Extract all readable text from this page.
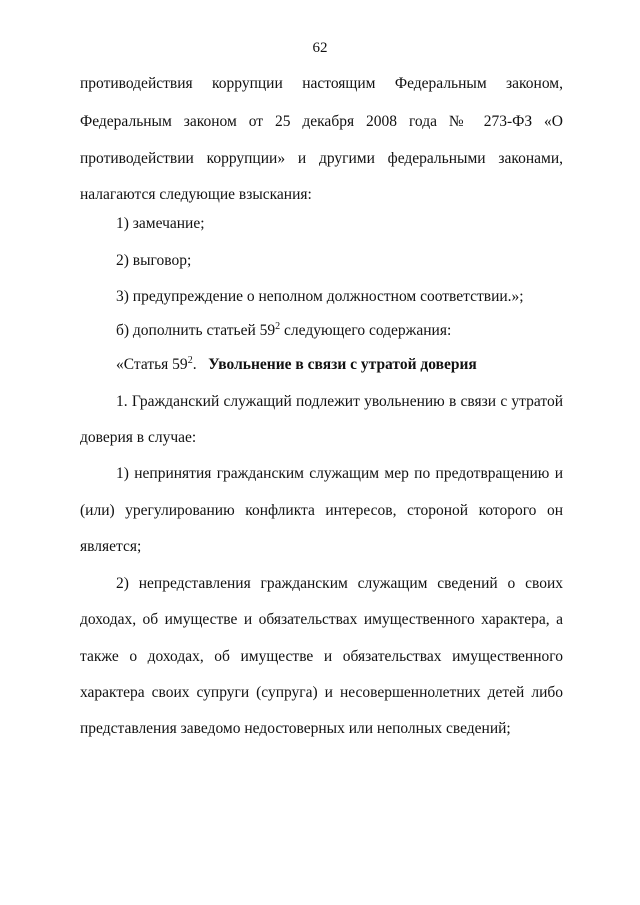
62
противодействия коррупции настоящим Федеральным законом,
Федеральным законом от 25 декабря 2008 года № 273-ФЗ «О
противодействии коррупции» и другими федеральными законами,
налагаются следующие взыскания:
1) замечание;
2) выговор;
3) предупреждение о неполном должностном соответствии.»;
б) дополнить статьей $59^2$ следующего содержания:
«Статья $59^2$. Увольнение в связи с утратой доверия
1. Гражданский служащий подлежит увольнению в связи с утратой
доверия в случае:
1) непринятия гражданским служащим мер по предотвращению и
(или) урегулированию конфликта интересов, стороной которого он
является;
2) непредставления гражданским служащим сведений о своих
доходах, об имуществе и обязательствах имущественного характера, а
также о доходах, об имуществе и обязательствах имущественного
характера своих супруги (супруга) и несовершеннолетних детей либо
представления заведомо недостоверных или неполных сведений;
